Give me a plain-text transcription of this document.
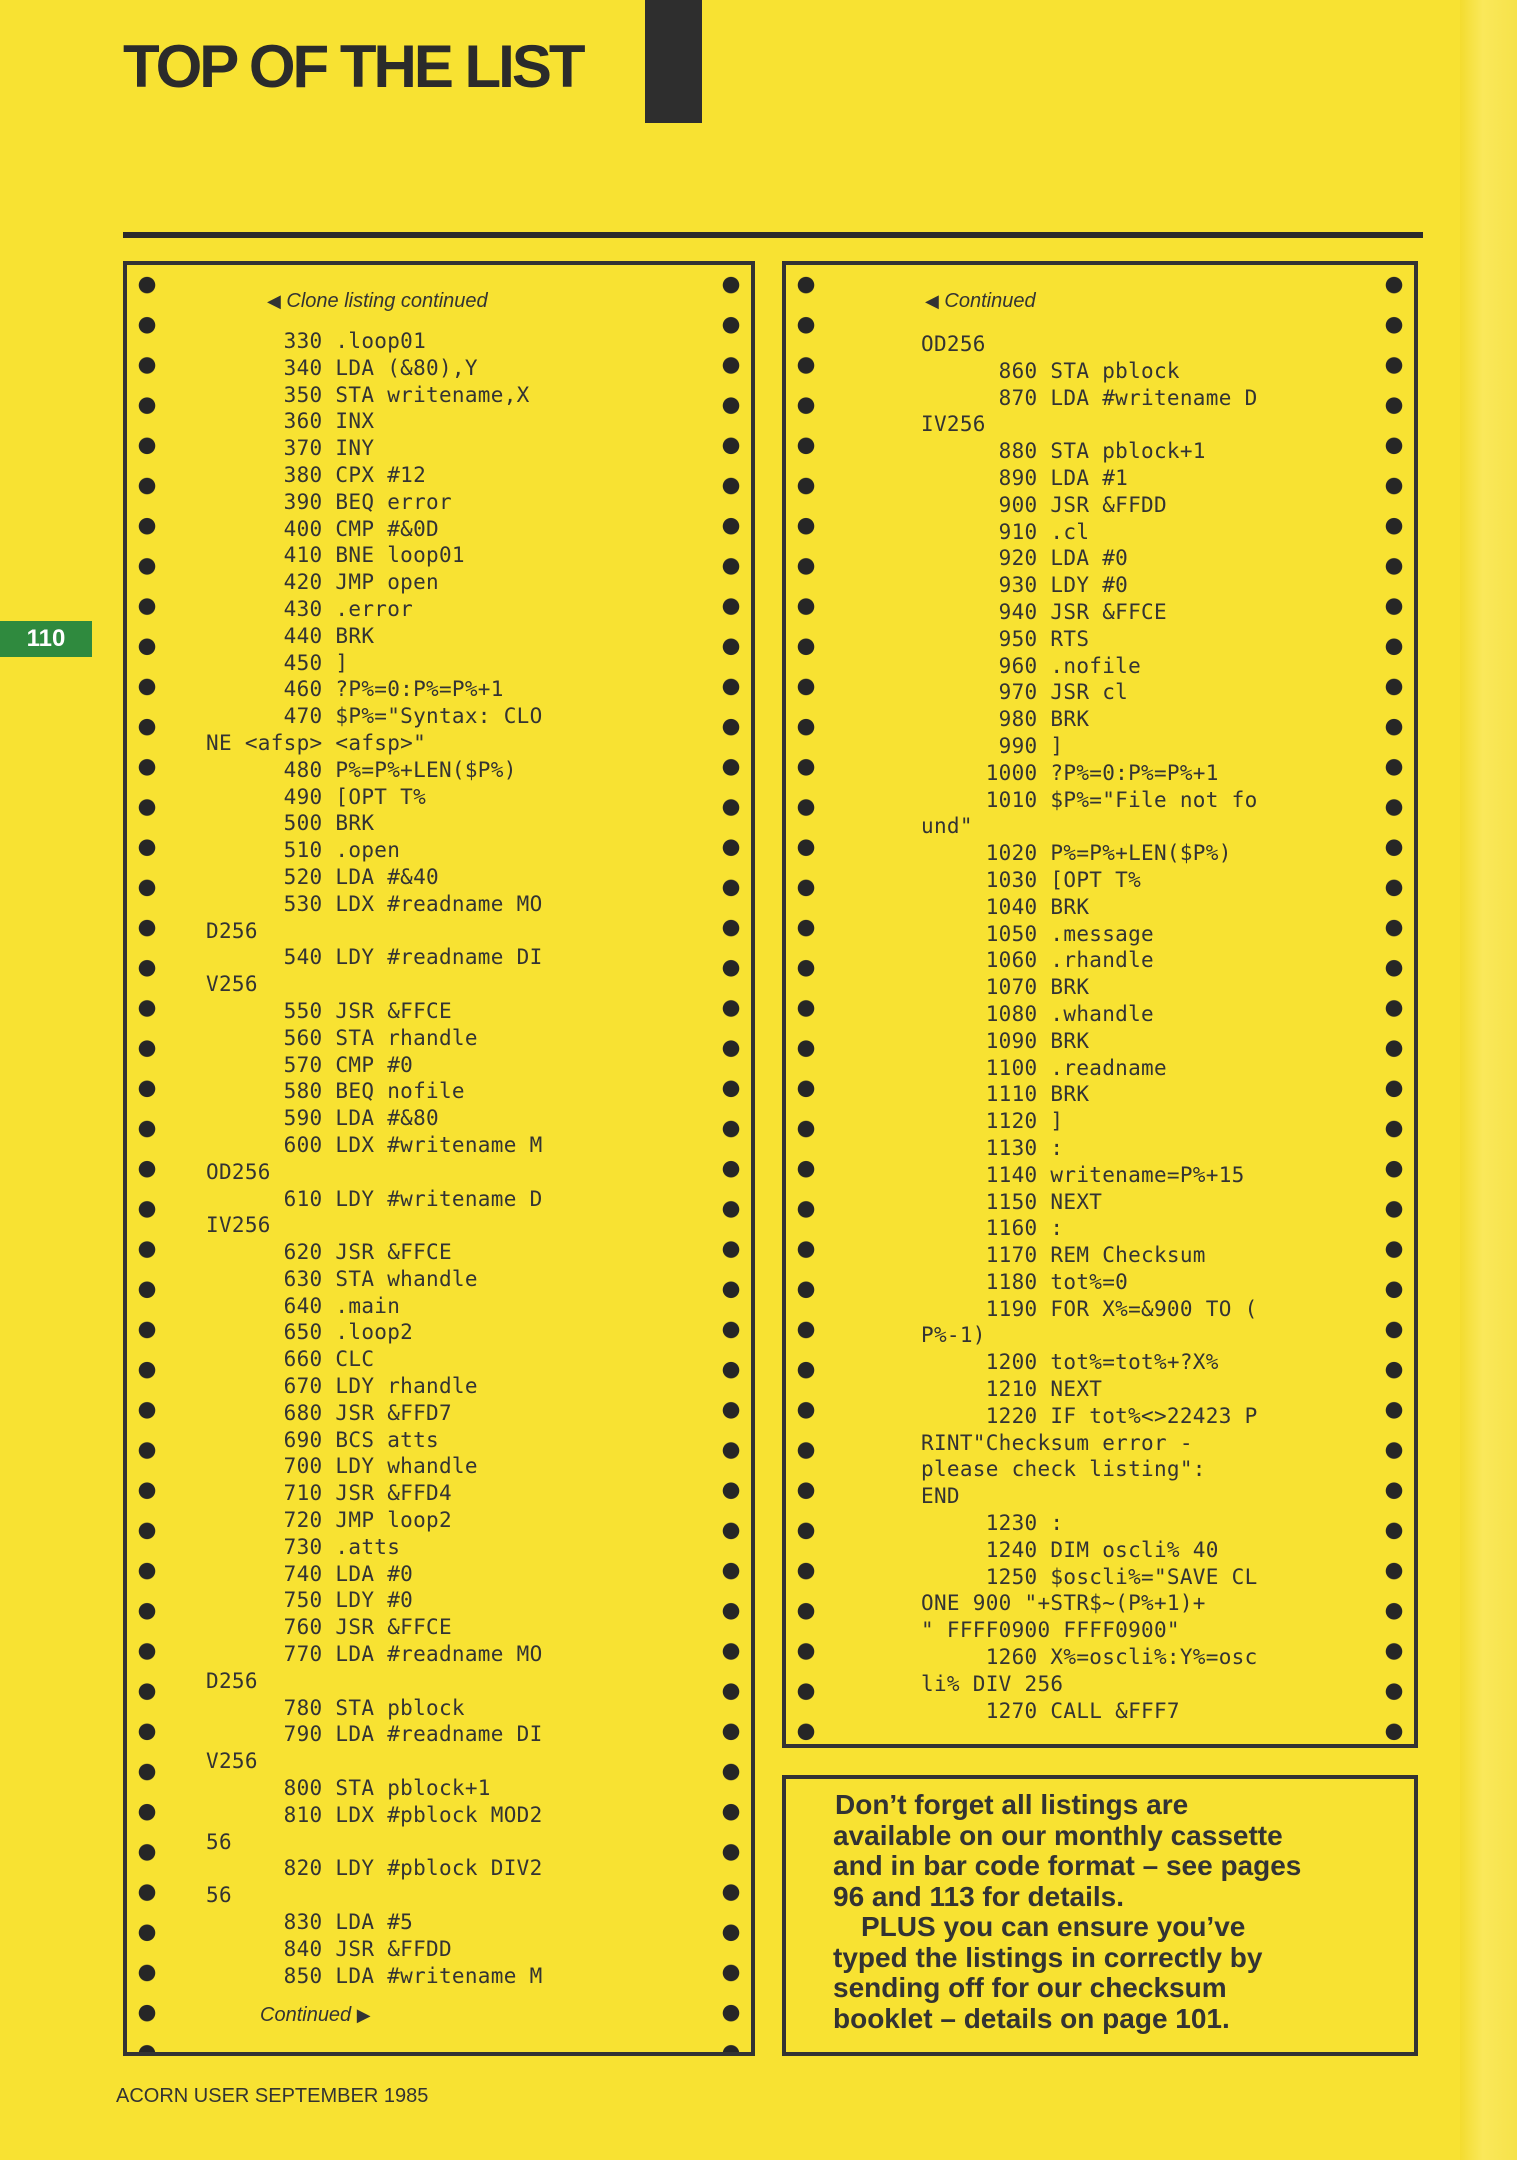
TOP OF THE LIST
110
◀ Clone listing continued
330 .loop01
340 LDA (&80),Y
350 STA writename,X
360 INX
370 INY
380 CPX #12
390 BEQ error
400 CMP #&0D
410 BNE loop01
420 JMP open
430 .error
440 BRK
450 ]
460 ?P%=0:P%=P%+1
470 $P%="Syntax: CLO
NE <afsp> <afsp>"
480 P%=P%+LEN($P%)
490 [OPT T%
500 BRK
510 .open
520 LDA #&40
530 LDX #readname MO
D256
540 LDY #readname DI
V256
550 JSR &FFCE
560 STA rhandle
570 CMP #0
580 BEQ nofile
590 LDA #&80
600 LDX #writename M
OD256
610 LDY #writename D
IV256
620 JSR &FFCE
630 STA whandle
640 .main
650 .loop2
660 CLC
670 LDY rhandle
680 JSR &FFD7
690 BCS atts
700 LDY whandle
710 JSR &FFD4
720 JMP loop2
730 .atts
740 LDA #0
750 LDY #0
760 JSR &FFCE
770 LDA #readname MO
D256
780 STA pblock
790 LDA #readname DI
V256
800 STA pblock+1
810 LDX #pblock MOD2
56
820 LDY #pblock DIV2
56
830 LDA #5
840 JSR &FFDD
850 LDA #writename M
Continued ▶
◀ Continued
OD256
860 STA pblock
870 LDA #writename D
IV256
880 STA pblock+1
890 LDA #1
900 JSR &FFDD
910 .cl
920 LDA #0
930 LDY #0
940 JSR &FFCE
950 RTS
960 .nofile
970 JSR cl
980 BRK
990 ]
1000 ?P%=0:P%=P%+1
1010 $P%="File not fo
und"
1020 P%=P%+LEN($P%)
1030 [OPT T%
1040 BRK
1050 .message
1060 .rhandle
1070 BRK
1080 .whandle
1090 BRK
1100 .readname
1110 BRK
1120 ]
1130 :
1140 writename=P%+15
1150 NEXT
1160 :
1170 REM Checksum
1180 tot%=0
1190 FOR X%=&900 TO (
P%-1)
1200 tot%=tot%+?X%
1210 NEXT
1220 IF tot%<>22423 P
RINT"Checksum error -
please check listing":
END
1230 :
1240 DIM oscli% 40
1250 $oscli%="SAVE CL
ONE 900 "+STR$~(P%+1)+
" FFFF0900 FFFF0900"
1260 X%=oscli%:Y%=osc
li% DIV 256
1270 CALL &FFF7
Don’t forget all listings are
available on our monthly cassette
and in bar code format – see pages
96 and 113 for details.
PLUS you can ensure you’ve
typed the listings in correctly by
sending off for our checksum
booklet – details on page 101.

ACORN USER SEPTEMBER 1985
